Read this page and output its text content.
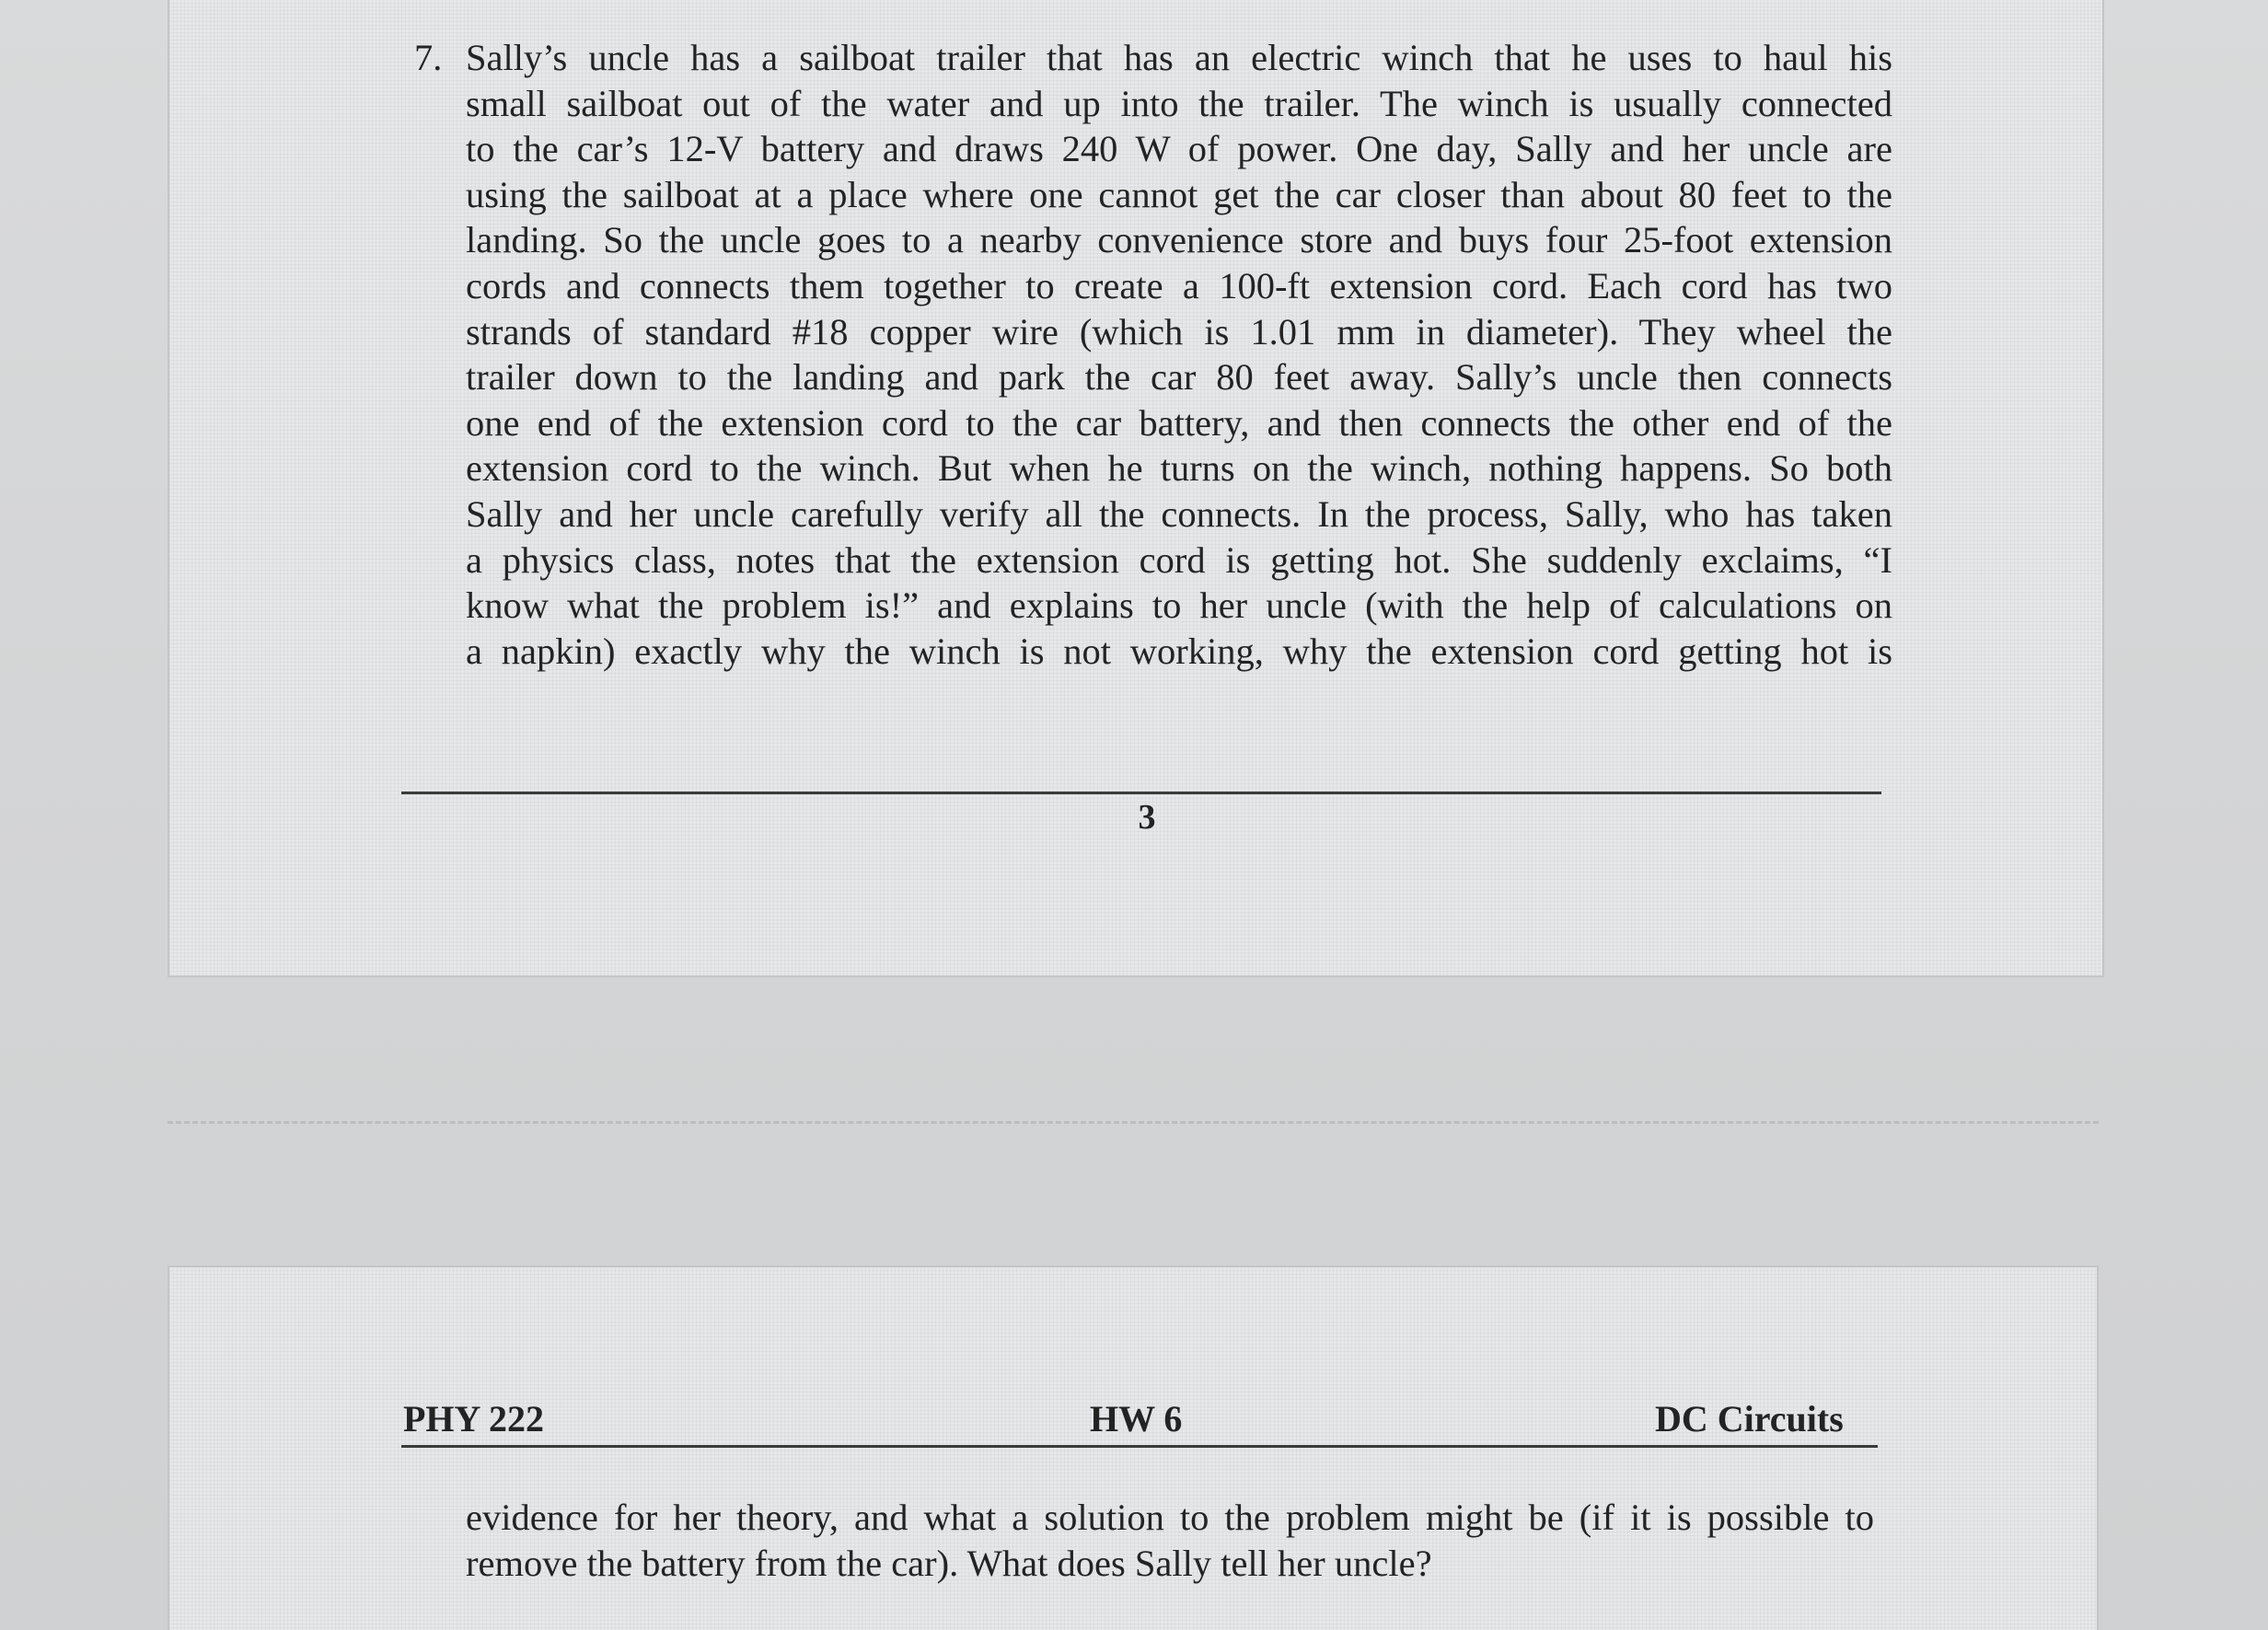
7. Sally’s uncle has a sailboat trailer that has an electric winch that he uses to haul his
small sailboat out of the water and up into the trailer. The winch is usually connected
to the car’s 12-V battery and draws 240 W of power. One day, Sally and her uncle are
using the sailboat at a place where one cannot get the car closer than about 80 feet to the
landing. So the uncle goes to a nearby convenience store and buys four 25-foot extension
cords and connects them together to create a 100-ft extension cord. Each cord has two
strands of standard #18 copper wire (which is 1.01 mm in diameter). They wheel the
trailer down to the landing and park the car 80 feet away. Sally’s uncle then connects
one end of the extension cord to the car battery, and then connects the other end of the
extension cord to the winch. But when he turns on the winch, nothing happens. So both
Sally and her uncle carefully verify all the connects. In the process, Sally, who has taken
a physics class, notes that the extension cord is getting hot. She suddenly exclaims, “I
know what the problem is!” and explains to her uncle (with the help of calculations on
a napkin) exactly why the winch is not working, why the extension cord getting hot is
3
PHY 222	HW 6	DC Circuits
evidence for her theory, and what a solution to the problem might be (if it is possible to
remove the battery from the car). What does Sally tell her uncle?
